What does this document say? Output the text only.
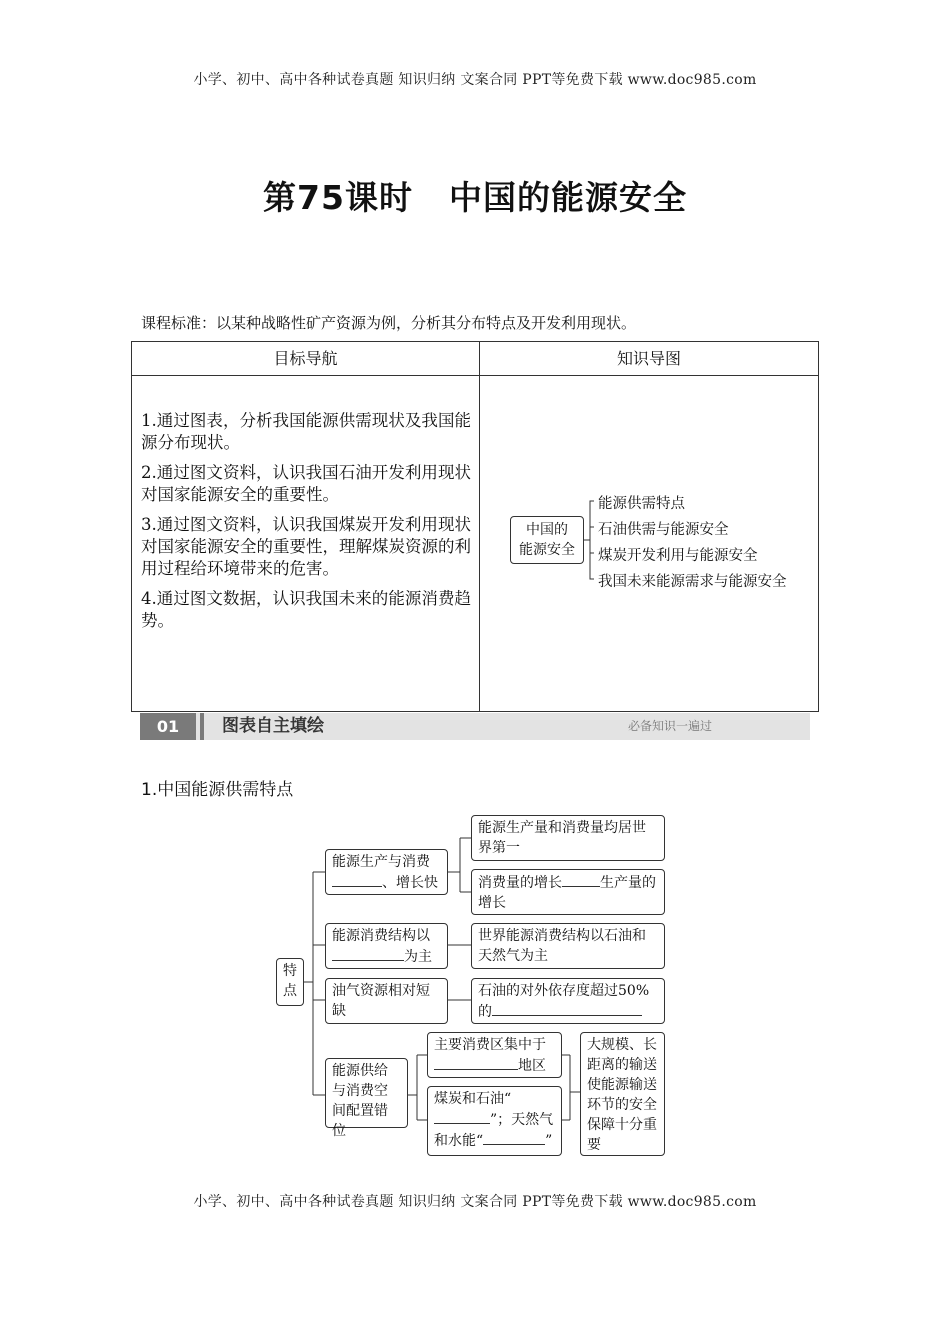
小学、初中、高中各种试卷真题 知识归纳 文案合同 PPT等免费下载 www.doc985.com
第75课时 中国的能源安全
课程标准：以某种战略性矿产资源为例，分析其分布特点及开发利用现状。
目标导航	知识导图

1.通过图表，分析我国能源供需现状及我国能源分布现状。

2.通过图文资料，认识我国石油开发利用现状对国家能源安全的重要性。

3.通过图文资料，认识我国煤炭开发利用现状对国家能源安全的重要性，理解煤炭资源的利用过程给环境带来的危害。

4.通过图文数据，认识我国未来的能源消费趋势。

中国的
能源安全
能源供需特点
石油供需与能源安全
煤炭开发利用与能源安全
我国未来能源需求与能源安全
01	图表自主填绘	必备知识一遍过
1.中国能源供需特点
特
点
能源生产与消费
、增长快
能源生产量和消费量均居世界第一
消费量的增长	生产量的增长
能源消费结构以
为主
世界能源消费结构以石油和天然气为主
油气资源相对短缺
石油的对外依存度超过50%的
能源供给与消费空间配置错位
主要消费区集中于
地区
煤炭和石油“”；天然气和水能“	”
大规模、长距离的输送使能源输送环节的安全保障十分重要
小学、初中、高中各种试卷真题 知识归纳 文案合同 PPT等免费下载 www.doc985.com
